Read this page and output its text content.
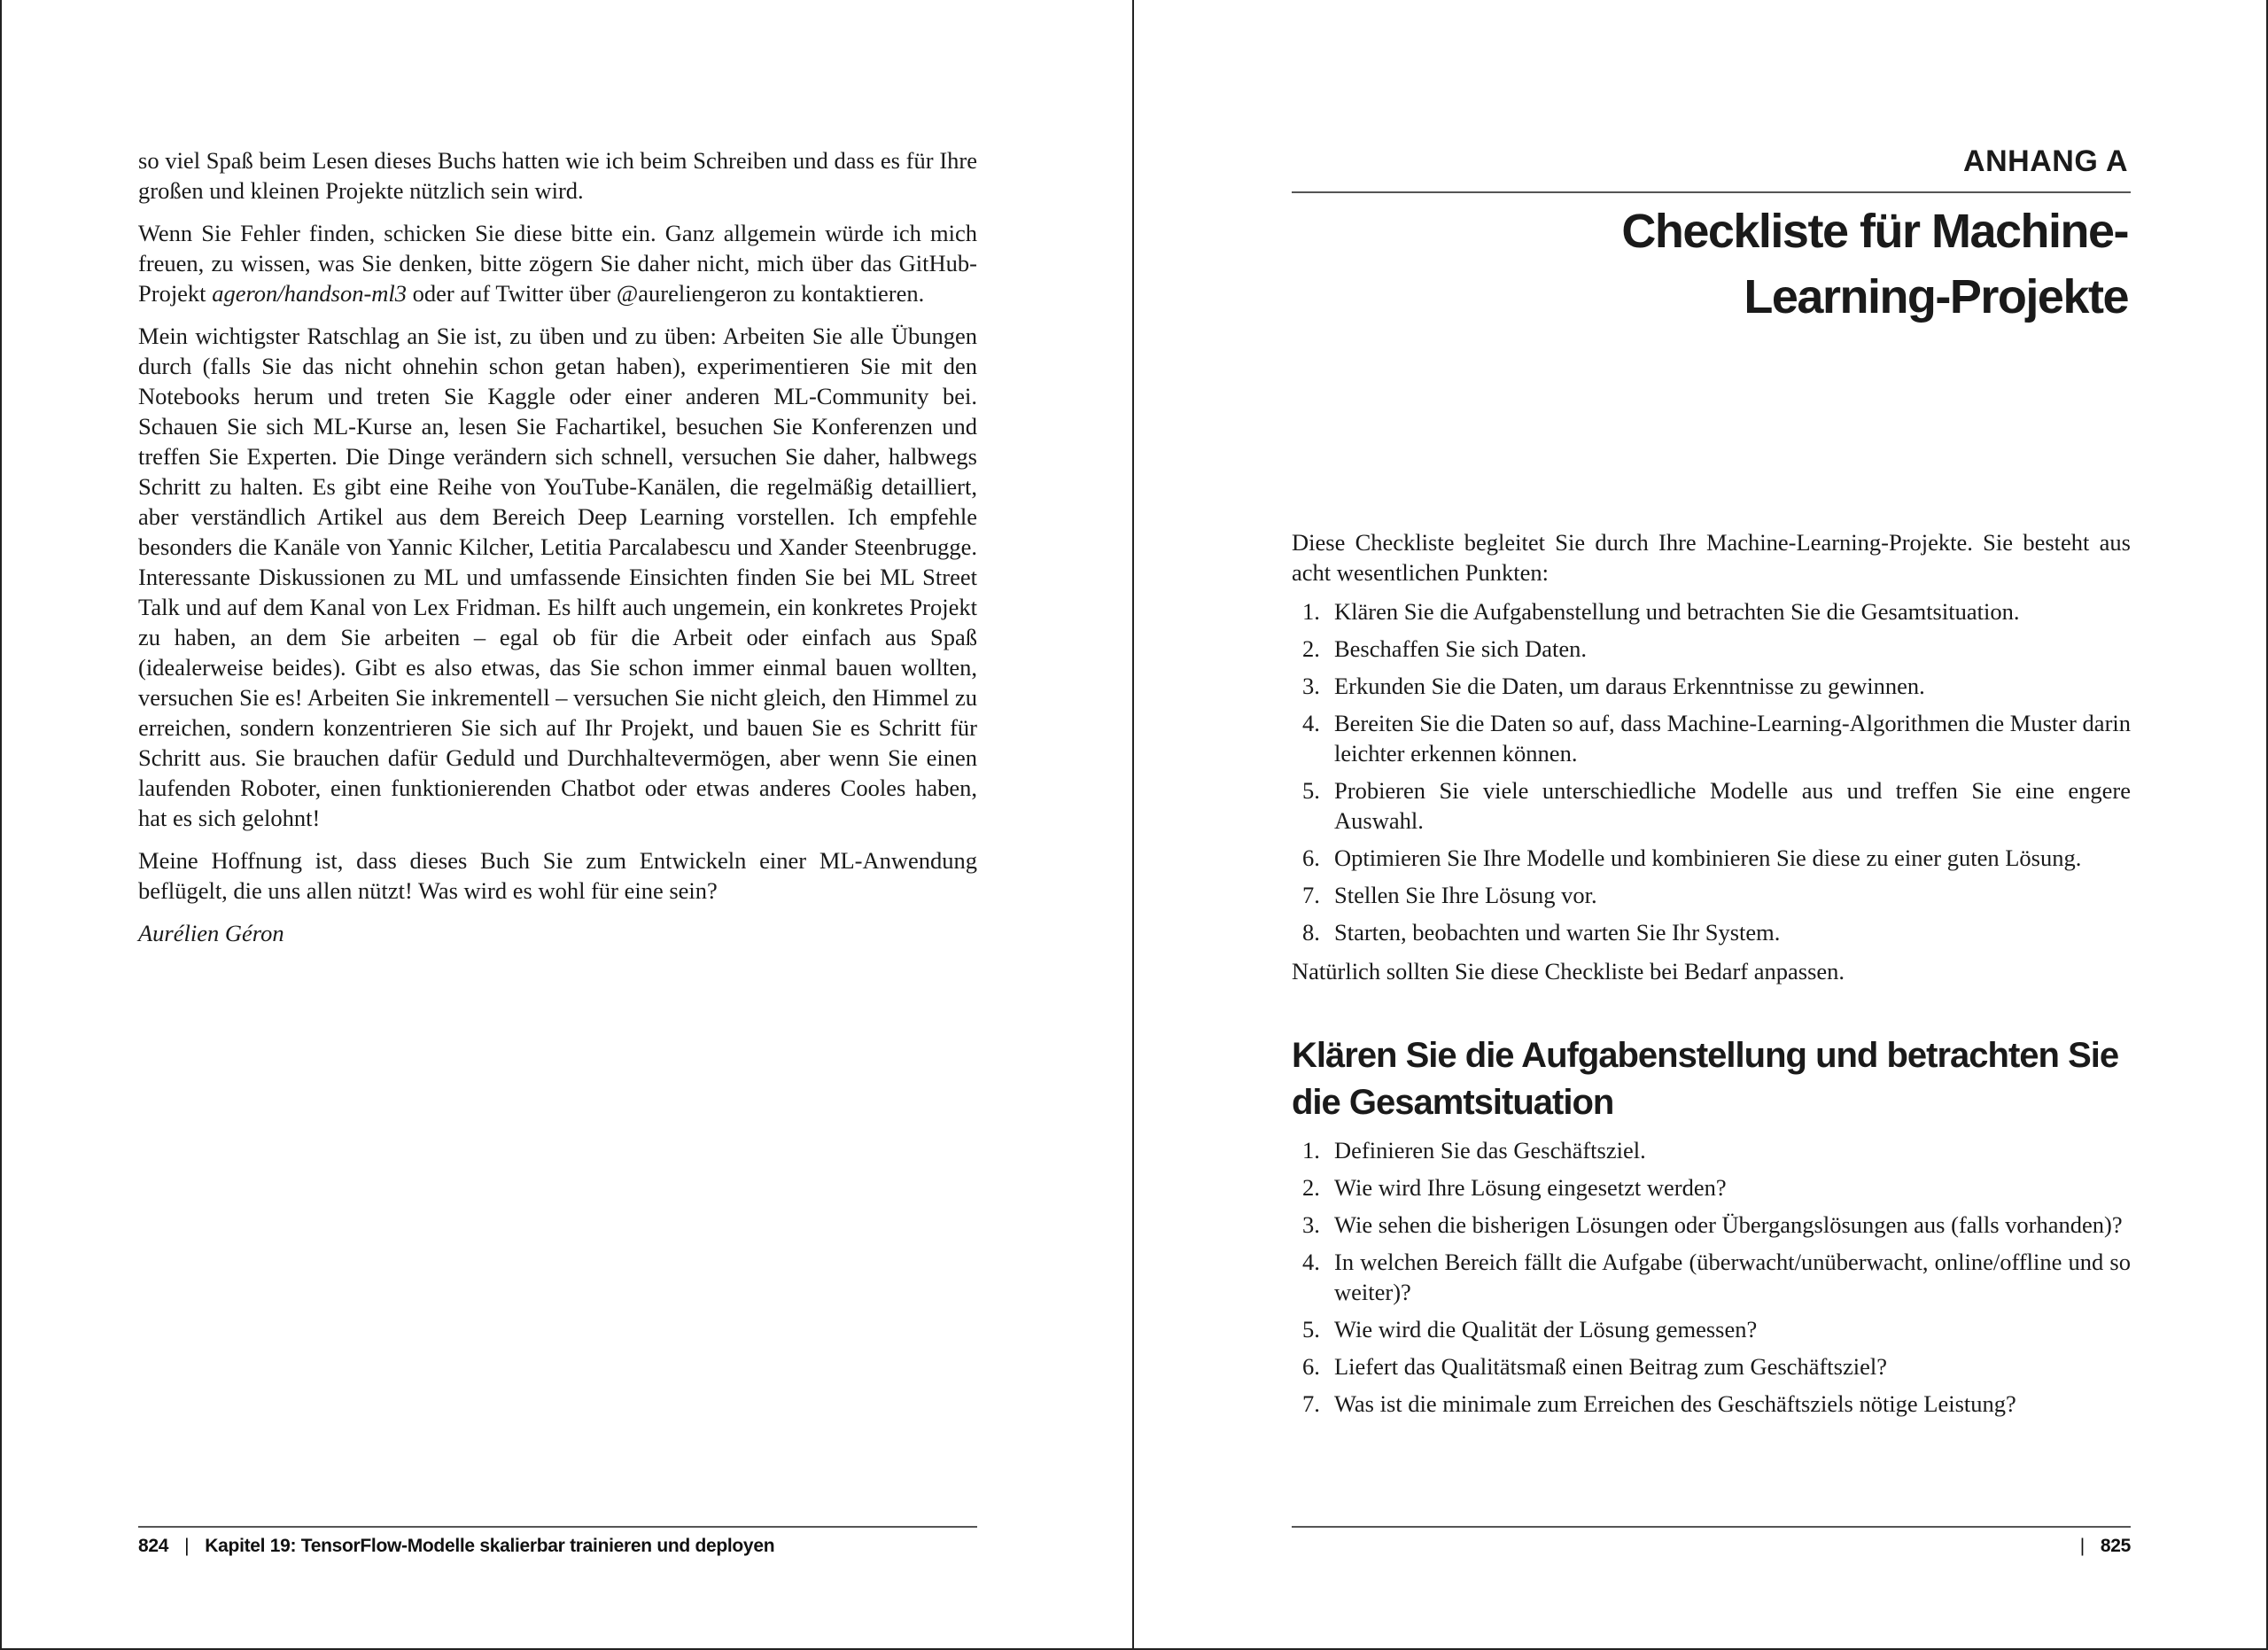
so viel Spaß beim Lesen dieses Buchs hatten wie ich beim Schreiben und dass es für Ihre großen und kleinen Projekte nützlich sein wird.

Wenn Sie Fehler finden, schicken Sie diese bitte ein. Ganz allgemein würde ich mich freuen, zu wissen, was Sie denken, bitte zögern Sie daher nicht, mich über das GitHub-Projekt ageron/handson-ml3 oder auf Twitter über @aureliengeron zu kontaktieren.

Mein wichtigster Ratschlag an Sie ist, zu üben und zu üben: Arbeiten Sie alle Übungen durch (falls Sie das nicht ohnehin schon getan haben), experimentieren Sie mit den Notebooks herum und treten Sie Kaggle oder einer anderen ML-Community bei. Schauen Sie sich ML-Kurse an, lesen Sie Fachartikel, besuchen Sie Konferenzen und treffen Sie Experten. Die Dinge verändern sich schnell, versuchen Sie daher, halbwegs Schritt zu halten. Es gibt eine Reihe von YouTube-Kanälen, die regelmäßig detailliert, aber verständlich Artikel aus dem Bereich Deep Learning vorstellen. Ich empfehle besonders die Kanäle von Yannic Kilcher, Letitia Parcalabescu und Xander Steenbrugge. Interessante Diskussionen zu ML und umfassende Einsichten finden Sie bei ML Street Talk und auf dem Kanal von Lex Fridman. Es hilft auch ungemein, ein konkretes Projekt zu haben, an dem Sie arbeiten – egal ob für die Arbeit oder einfach aus Spaß (idealerweise beides). Gibt es also etwas, das Sie schon immer einmal bauen wollten, versuchen Sie es! Arbeiten Sie inkrementell – versuchen Sie nicht gleich, den Himmel zu erreichen, sondern konzentrieren Sie sich auf Ihr Projekt, und bauen Sie es Schritt für Schritt aus. Sie brauchen dafür Geduld und Durchhaltevermögen, aber wenn Sie einen laufenden Roboter, einen funktionierenden Chatbot oder etwas anderes Cooles haben, hat es sich gelohnt!

Meine Hoffnung ist, dass dieses Buch Sie zum Entwickeln einer ML-Anwendung beflügelt, die uns allen nützt! Was wird es wohl für eine sein?

Aurélien Géron

824 | Kapitel 19: TensorFlow-Modelle skalierbar trainieren und deployen
ANHANG A
Checkliste für Machine-
Learning-Projekte

Diese Checkliste begleitet Sie durch Ihre Machine-Learning-Projekte. Sie besteht aus acht wesentlichen Punkten:

1. Klären Sie die Aufgabenstellung und betrachten Sie die Gesamtsituation.
2. Beschaffen Sie sich Daten.
3. Erkunden Sie die Daten, um daraus Erkenntnisse zu gewinnen.
4. Bereiten Sie die Daten so auf, dass Machine-Learning-Algorithmen die Muster darin leichter erkennen können.
5. Probieren Sie viele unterschiedliche Modelle aus und treffen Sie eine engere Auswahl.
6. Optimieren Sie Ihre Modelle und kombinieren Sie diese zu einer guten Lösung.
7. Stellen Sie Ihre Lösung vor.
8. Starten, beobachten und warten Sie Ihr System.

Natürlich sollten Sie diese Checkliste bei Bedarf anpassen.

Klären Sie die Aufgabenstellung und betrachten Sie die Gesamtsituation
1. Definieren Sie das Geschäftsziel.
2. Wie wird Ihre Lösung eingesetzt werden?
3. Wie sehen die bisherigen Lösungen oder Übergangslösungen aus (falls vorhanden)?
4. In welchen Bereich fällt die Aufgabe (überwacht/unüberwacht, online/offline und so weiter)?
5. Wie wird die Qualität der Lösung gemessen?
6. Liefert das Qualitätsmaß einen Beitrag zum Geschäftsziel?
7. Was ist die minimale zum Erreichen des Geschäftsziels nötige Leistung?
| 825
